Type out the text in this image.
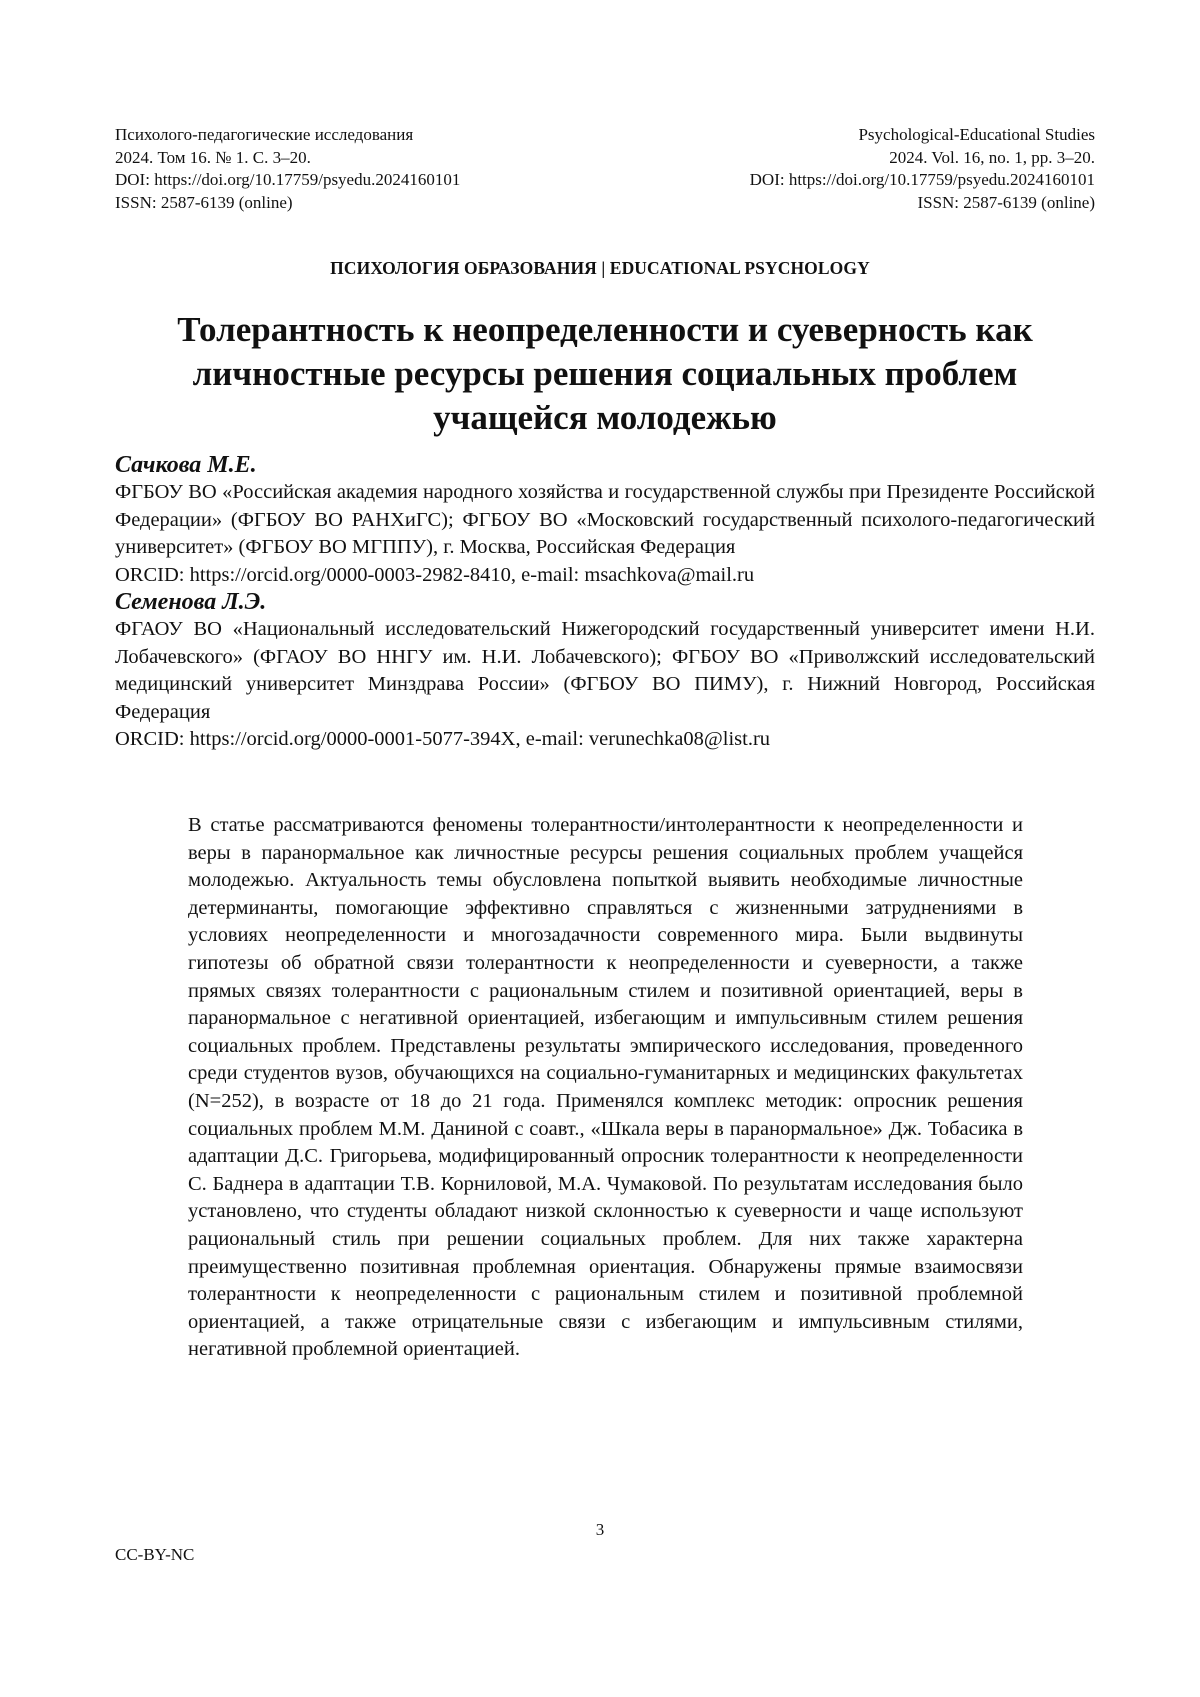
Психолого-педагогические исследования
2024. Том 16. № 1. С. 3–20.
DOI: https://doi.org/10.17759/psyedu.2024160101
ISSN: 2587-6139 (online)
Psychological-Educational Studies
2024. Vol. 16, no. 1, pp. 3–20.
DOI: https://doi.org/10.17759/psyedu.2024160101
ISSN: 2587-6139 (online)
ПСИХОЛОГИЯ ОБРАЗОВАНИЯ | EDUCATIONAL PSYCHOLOGY
Толерантность к неопределенности и суеверность как
личностные ресурсы решения социальных проблем
учащейся молодежью
Сачкова М.Е.
ФГБОУ ВО «Российская академия народного хозяйства и государственной службы при Президенте Российской Федерации» (ФГБОУ ВО РАНХиГС); ФГБОУ ВО «Московский государственный психолого-педагогический университет» (ФГБОУ ВО МГППУ), г. Москва, Российская Федерация
ORCID: https://orcid.org/0000-0003-2982-8410, e-mail: msachkova@mail.ru
Семенова Л.Э.
ФГАОУ ВО «Национальный исследовательский Нижегородский государственный университет имени Н.И. Лобачевского» (ФГАОУ ВО ННГУ им. Н.И. Лобачевского); ФГБОУ ВО «Приволжский исследовательский медицинский университет Минздрава России» (ФГБОУ ВО ПИМУ), г. Нижний Новгород, Российская Федерация
ORCID: https://orcid.org/0000-0001-5077-394X, e-mail: verunechka08@list.ru
В статье рассматриваются феномены толерантности/интолерантности к неопределенности и веры в паранормальное как личностные ресурсы решения социальных проблем учащейся молодежью. Актуальность темы обусловлена попыткой выявить необходимые личностные детерминанты, помогающие эффективно справляться с жизненными затруднениями в условиях неопределенности и многозадачности современного мира. Были выдвинуты гипотезы об обратной связи толерантности к неопределенности и суеверности, а также прямых связях толерантности с рациональным стилем и позитивной ориентацией, веры в паранормальное с негативной ориентацией, избегающим и импульсивным стилем решения социальных проблем. Представлены результаты эмпирического исследования, проведенного среди студентов вузов, обучающихся на социально-гуманитарных и медицинских факультетах (N=252), в возрасте от 18 до 21 года. Применялся комплекс методик: опросник решения социальных проблем М.М. Даниной с соавт., «Шкала веры в паранормальное» Дж. Тобасика в адаптации Д.С. Григорьева, модифицированный опросник толерантности к неопределенности С. Баднера в адаптации Т.В. Корниловой, М.А. Чумаковой. По результатам исследования было установлено, что студенты обладают низкой склонностью к суеверности и чаще используют рациональный стиль при решении социальных проблем. Для них также характерна преимущественно позитивная проблемная ориентация. Обнаружены прямые взаимосвязи толерантности к неопределенности с рациональным стилем и позитивной проблемной ориентацией, а также отрицательные связи с избегающим и импульсивным стилями, негативной проблемной ориентацией.
3
CC-BY-NC
